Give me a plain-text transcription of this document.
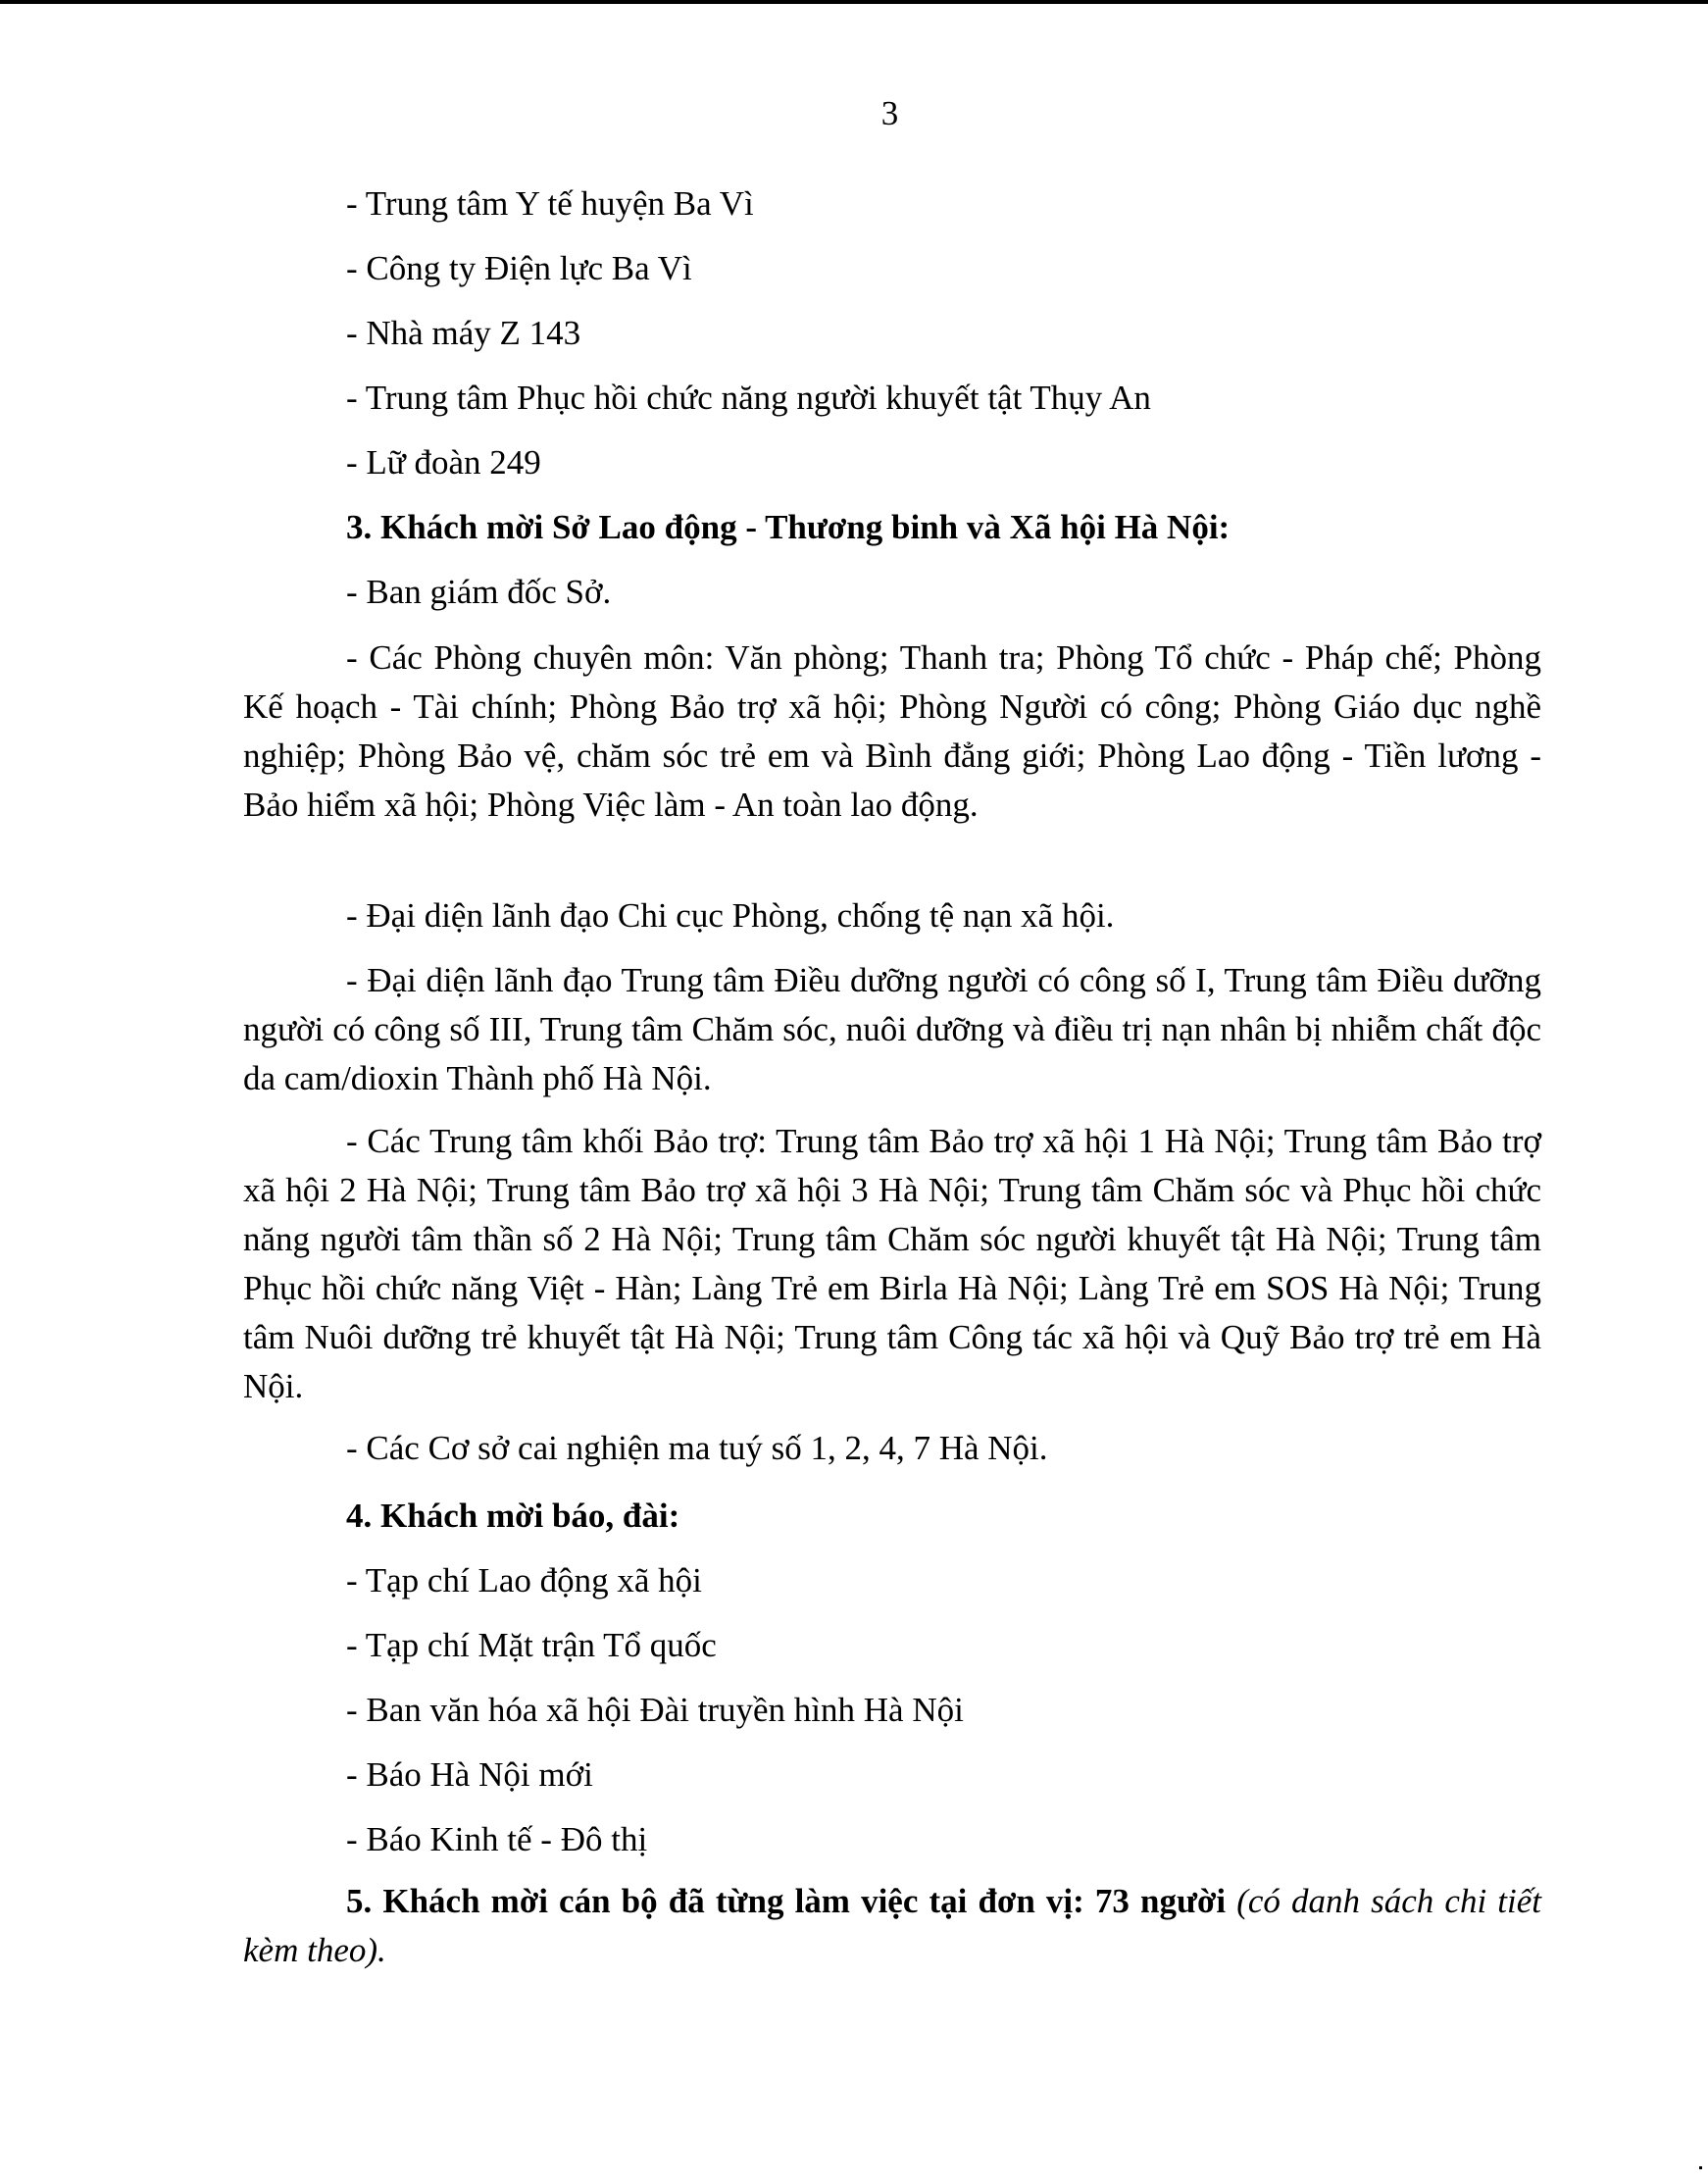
3
- Trung tâm Y tế huyện Ba Vì
- Công ty Điện lực Ba Vì
- Nhà máy Z 143
- Trung tâm Phục hồi chức năng người khuyết tật Thụy An
- Lữ đoàn 249
3. Khách mời Sở Lao động - Thương binh và Xã hội Hà Nội:
- Ban giám đốc Sở.
- Các Phòng chuyên môn: Văn phòng; Thanh tra; Phòng Tổ chức - Pháp chế; Phòng Kế hoạch - Tài chính; Phòng Bảo trợ xã hội; Phòng Người có công; Phòng Giáo dục nghề nghiệp; Phòng Bảo vệ, chăm sóc trẻ em và Bình đẳng giới; Phòng Lao động - Tiền lương - Bảo hiểm xã hội; Phòng Việc làm - An toàn lao động.
- Đại diện lãnh đạo Chi cục Phòng, chống tệ nạn xã hội.
- Đại diện lãnh đạo Trung tâm Điều dưỡng người có công số I, Trung tâm Điều dưỡng người có công số III, Trung tâm Chăm sóc, nuôi dưỡng và điều trị nạn nhân bị nhiễm chất độc da cam/dioxin Thành phố Hà Nội.
- Các Trung tâm khối Bảo trợ: Trung tâm Bảo trợ xã hội 1 Hà Nội; Trung tâm Bảo trợ xã hội 2 Hà Nội; Trung tâm Bảo trợ xã hội 3 Hà Nội; Trung tâm Chăm sóc và Phục hồi chức năng người tâm thần số 2 Hà Nội; Trung tâm Chăm sóc người khuyết tật Hà Nội; Trung tâm Phục hồi chức năng Việt - Hàn; Làng Trẻ em Birla Hà Nội; Làng Trẻ em SOS Hà Nội; Trung tâm Nuôi dưỡng trẻ khuyết tật Hà Nội; Trung tâm Công tác xã hội và Quỹ Bảo trợ trẻ em Hà Nội.
- Các Cơ sở cai nghiện ma tuý số 1, 2, 4, 7 Hà Nội.
4. Khách mời báo, đài:
- Tạp chí Lao động xã hội
- Tạp chí Mặt trận Tổ quốc
- Ban văn hóa xã hội Đài truyền hình Hà Nội
- Báo Hà Nội mới
- Báo Kinh tế - Đô thị
5. Khách mời cán bộ đã từng làm việc tại đơn vị: 73 người (có danh sách chi tiết kèm theo).
